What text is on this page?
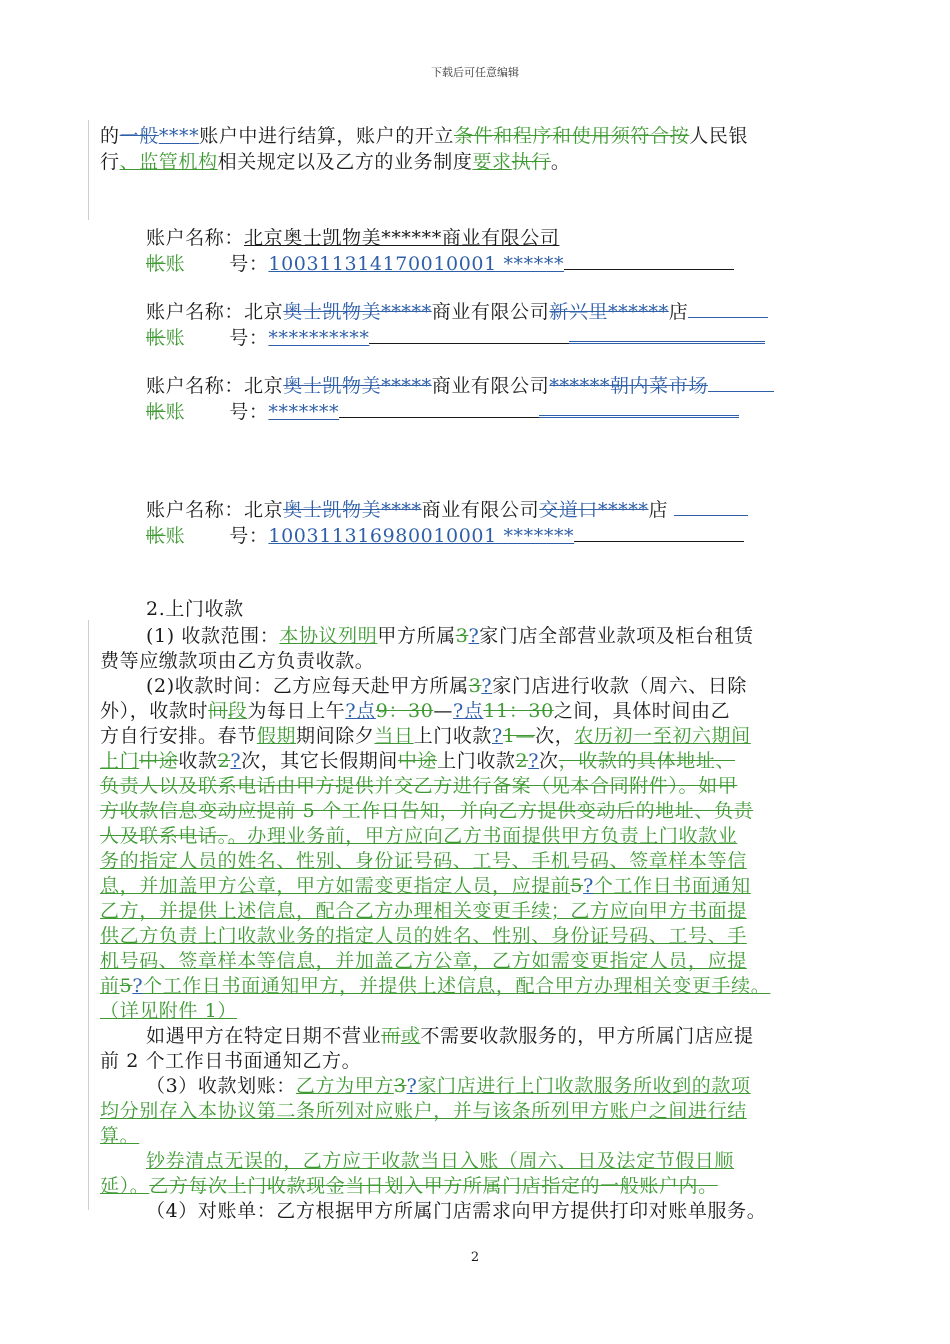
下载后可任意编辑
的一般****账户中进行结算，账户的开立条件和程序和使用须符合按人民银
行、监管机构相关规定以及乙方的业务制度要求执行。
账户名称：北京奥士凯物美******商业有限公司
帐账 号：100311314170010001 ******
账户名称：北京奥士凯物美*****商业有限公司新兴里******店
帐账 号：**********
账户名称：北京奥士凯物美*****商业有限公司******朝内菜市场
帐账 号：*******
账户名称：北京奥士凯物美****商业有限公司交道口*****店
帐账 号：100311316980010001 *******
2.上门收款
(1) 收款范围：本协议列明甲方所属3?家门店全部营业款项及柜台租赁
费等应缴款项由乙方负责收款。
(2)收款时间：乙方应每天赴甲方所属3?家门店进行收款（周六、日除
外），收款时间段为每日上午?点9：30—?点11：30之间，具体时间由乙
方自行安排。春节假期期间除夕当日上门收款?1—次，农历初一至初六期间
上门中途收款2?次，其它长假期间中途上门收款2?次，收款的具体地址、
负责人以及联系电话由甲方提供并交乙方进行备案（见本合同附件）。如甲
方收款信息变动应提前 5 个工作日告知，并向乙方提供变动后的地址、负责
人及联系电话。。办理业务前，甲方应向乙方书面提供甲方负责上门收款业
务的指定人员的姓名、性别、身份证号码、工号、手机号码、签章样本等信
息，并加盖甲方公章，甲方如需变更指定人员，应提前5?个工作日书面通知
乙方，并提供上述信息，配合乙方办理相关变更手续；乙方应向甲方书面提
供乙方负责上门收款业务的指定人员的姓名、性别、身份证号码、工号、手
机号码、签章样本等信息，并加盖乙方公章，乙方如需变更指定人员，应提
前5?个工作日书面通知甲方，并提供上述信息，配合甲方办理相关变更手续。
（详见附件 1）
如遇甲方在特定日期不营业而或不需要收款服务的，甲方所属门店应提
前 2 个工作日书面通知乙方。
（3）收款划账：乙方为甲方3?家门店进行上门收款服务所收到的款项
均分别存入本协议第二条所列对应账户，并与该条所列甲方账户之间进行结
算。
钞券清点无误的，乙方应于收款当日入账（周六、日及法定节假日顺
延）。乙方每次上门收款现金当日划入甲方所属门店指定的一般账户内。
（4）对账单：乙方根据甲方所属门店需求向甲方提供打印对账单服务。
2
